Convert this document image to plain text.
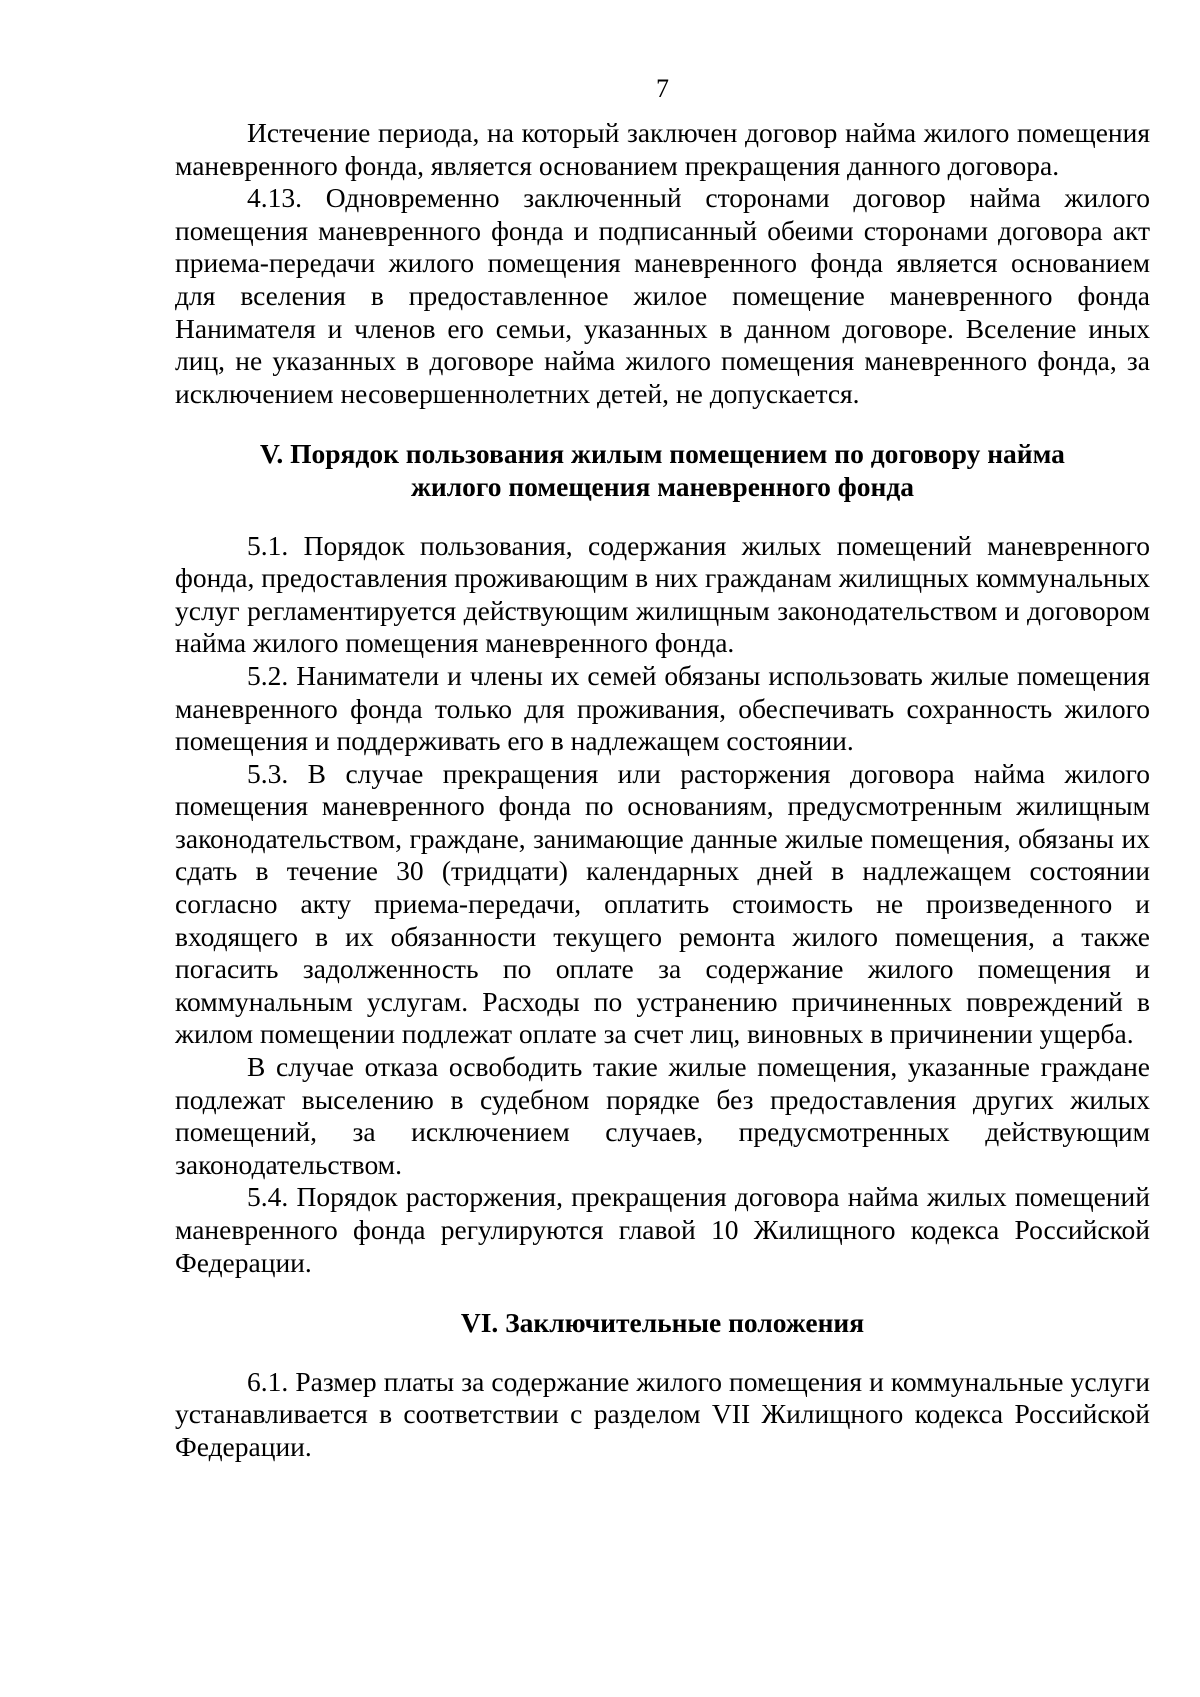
7

Истечение периода, на который заключен договор найма жилого помещения маневренного фонда, является основанием прекращения данного договора.

4.13. Одновременно заключенный сторонами договор найма жилого помещения маневренного фонда и подписанный обеими сторонами договора акт приема-передачи жилого помещения маневренного фонда является основанием для вселения в предоставленное жилое помещение маневренного фонда Нанимателя и членов его семьи, указанных в данном договоре. Вселение иных лиц, не указанных в договоре найма жилого помещения маневренного фонда, за исключением несовершеннолетних детей, не допускается.

V. Порядок пользования жилым помещением по договору найма
жилого помещения маневренного фонда

5.1. Порядок пользования, содержания жилых помещений маневренного фонда, предоставления проживающим в них гражданам жилищных коммунальных услуг регламентируется действующим жилищным законодательством и договором найма жилого помещения маневренного фонда.

5.2. Наниматели и члены их семей обязаны использовать жилые помещения маневренного фонда только для проживания, обеспечивать сохранность жилого помещения и поддерживать его в надлежащем состоянии.

5.3. В случае прекращения или расторжения договора найма жилого помещения маневренного фонда по основаниям, предусмотренным жилищным законодательством, граждане, занимающие данные жилые помещения, обязаны их сдать в течение 30 (тридцати) календарных дней в надлежащем состоянии согласно акту приема-передачи, оплатить стоимость не произведенного и входящего в их обязанности текущего ремонта жилого помещения, а также погасить задолженность по оплате за содержание жилого помещения и коммунальным услугам. Расходы по устранению причиненных повреждений в жилом помещении подлежат оплате за счет лиц, виновных в причинении ущерба.

В случае отказа освободить такие жилые помещения, указанные граждане подлежат выселению в судебном порядке без предоставления других жилых помещений, за исключением случаев, предусмотренных действующим законодательством.

5.4. Порядок расторжения, прекращения договора найма жилых помещений маневренного фонда регулируются главой 10 Жилищного кодекса Российской Федерации.

VI. Заключительные положения

6.1. Размер платы за содержание жилого помещения и коммунальные услуги устанавливается в соответствии с разделом VII Жилищного кодекса Российской Федерации.
